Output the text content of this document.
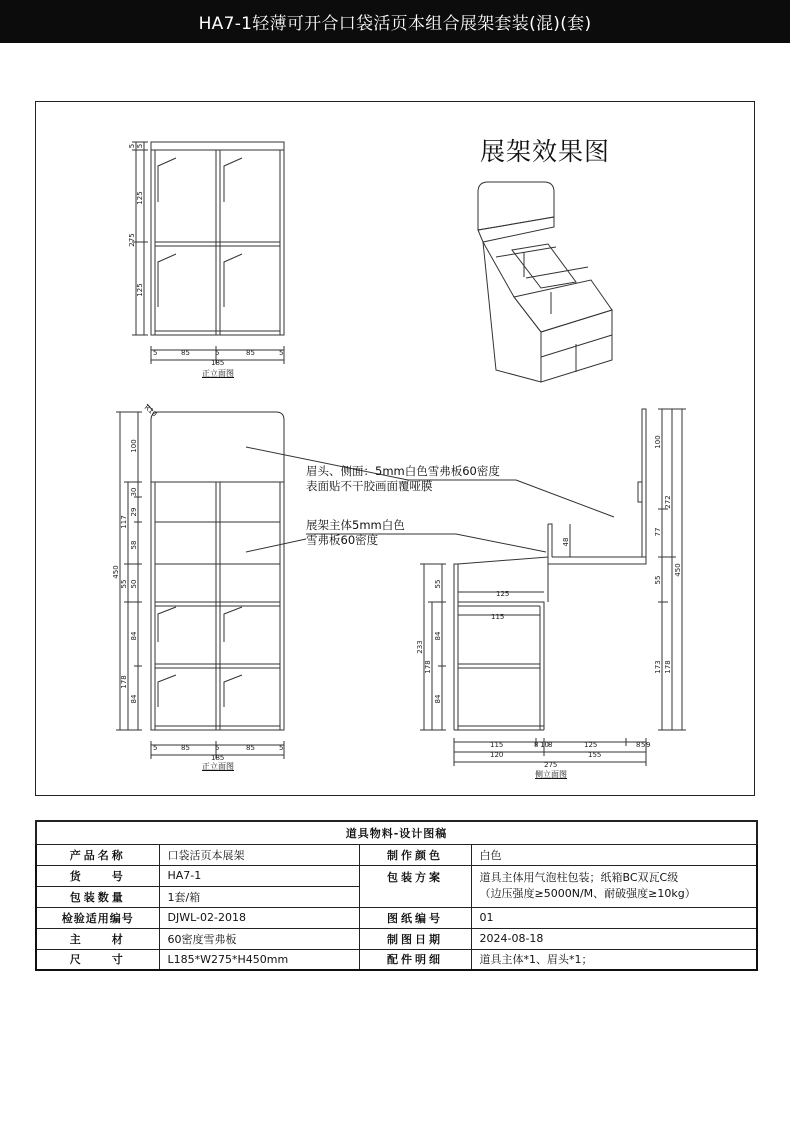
HA7-1轻薄可开合口袋活页本组合展架套装(混)(套)
5 5
125
275
125
5	85	5	85	5
185
450
117
55
178
100
30
29
58
50
84
84
5	85	5	85	5
185
R10
233
178
55
84
84
125
115
48
100
77
55
173
272
178
450
115	8 10 8	125	8 5 9
120	155
275
展架效果图
眉头、侧面：5mm白色雪弗板60密度
表面贴不干胶画面覆哑膜
展架主体5mm白色
雪弗板60密度
正立面图
正立面图
侧立面图
道具物料-设计图稿			
产品名称	口袋活页本展架	制作颜色	白色
货　　号	HA7-1	包装方案	道具主体用气泡柱包装；纸箱BC双瓦C级
（边压强度≥5000N/M、耐破强度≥10kg）

包装数量	1套/箱		
检验适用编号	DJWL-02-2018	图纸编号	01
主　　材	60密度雪弗板	制图日期	2024-08-18
尺　　寸	L185*W275*H450mm	配件明细	道具主体*1、眉头*1；
